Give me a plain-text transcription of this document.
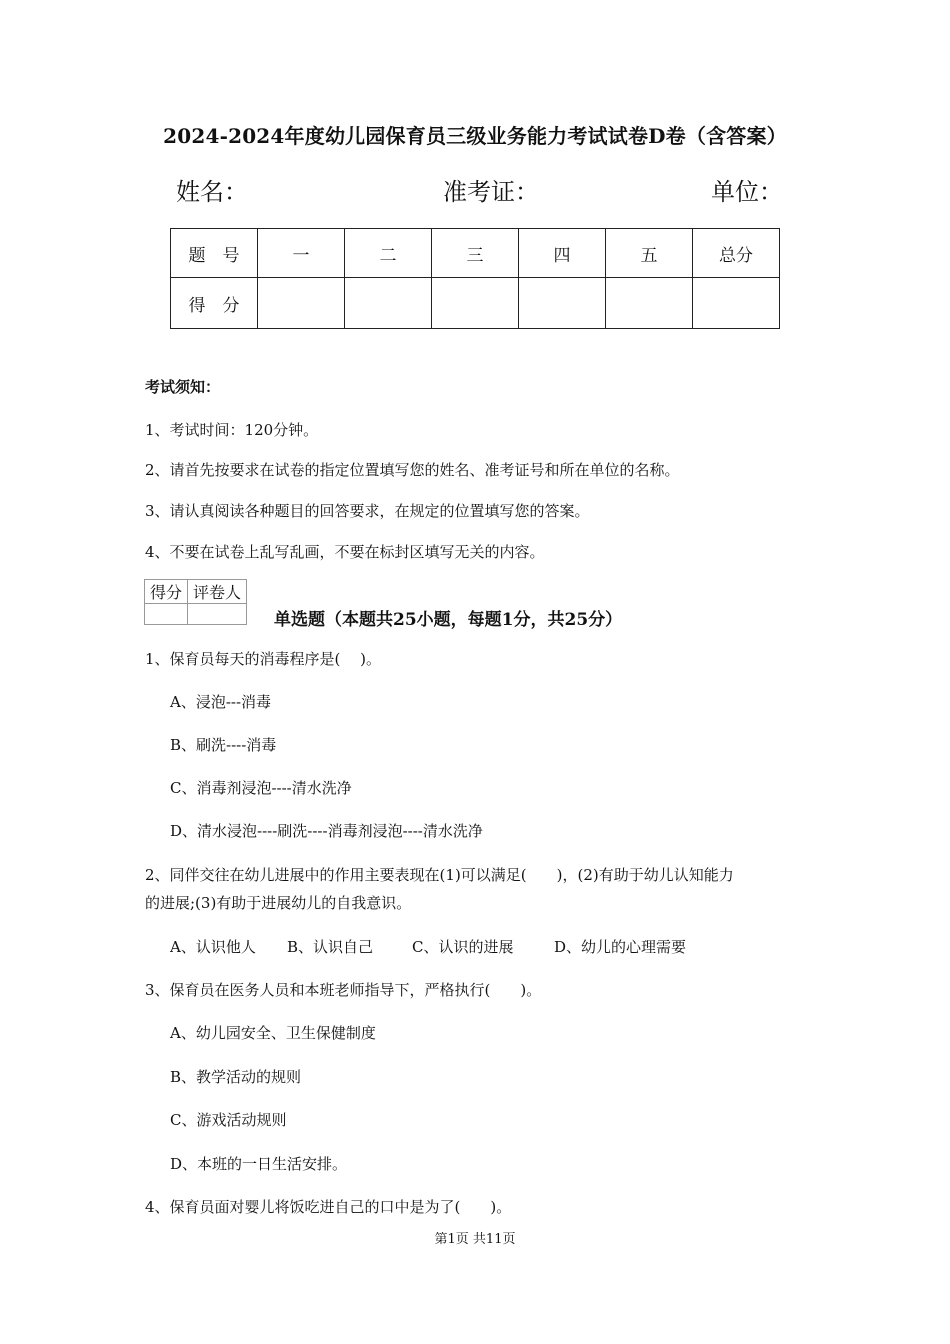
2024-2024年度幼儿园保育员三级业务能力考试试卷D卷（含答案）
姓名：	准考证：	单位：
题　号	一	二	三	四	五	总分
得　分						
考试须知：
1、考试时间：120分钟。
2、请首先按要求在试卷的指定位置填写您的姓名、准考证号和所在单位的名称。
3、请认真阅读各种题目的回答要求，在规定的位置填写您的答案。
4、不要在试卷上乱写乱画，不要在标封区填写无关的内容。
得分	评卷人

单选题（本题共25小题，每题1分，共25分）
1、保育员每天的消毒程序是(　 )。
A、浸泡---消毒
B、刷洗----消毒
C、消毒剂浸泡----清水洗净
D、清水浸泡----刷洗----消毒剂浸泡----清水洗净
2、同伴交往在幼儿进展中的作用主要表现在(1)可以满足(　　)，(2)有助于幼儿认知能力
的进展;(3)有助于进展幼儿的自我意识。
A、认识他人 B、认识自己	C、认识的进展	D、幼儿的心理需要
3、保育员在医务人员和本班老师指导下，严格执行(　　)。
A、幼儿园安全、卫生保健制度
B、教学活动的规则
C、游戏活动规则
D、本班的一日生活安排。
4、保育员面对婴儿将饭吃进自己的口中是为了(　　)。
第1页 共11页
